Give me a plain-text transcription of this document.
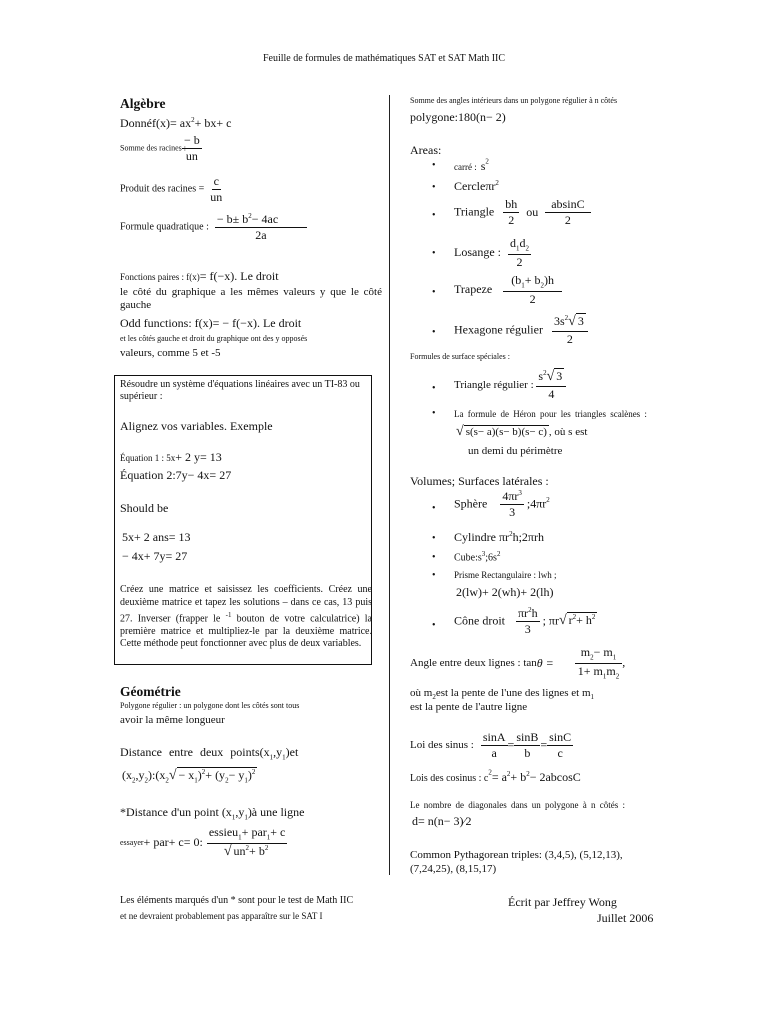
Feuille de formules de mathématiques SAT et SAT Math IIC
Algèbre
Donnéf(x)= $ax^2+ bx+ c$
Somme des racines :
$\frac{- b}{un}$
Produit des racines = $\frac{c}{un}$
Formule quadratique : $\frac{- b\pm b^2- 4ac}{2a}$
Fonctions paires : f(x)= f(−x). Le droit
le côté du graphique a les mêmes valeurs y que le côté gauche
Odd functions: f(x)= − f(−x). Le droit
et les côtés gauche et droit du graphique ont des y opposés
valeurs, comme 5 et -5
Résoudre un système d'équations linéaires avec un TI-83 ou supérieur :
Alignez vos variables. Exemple
Équation 1 : 5x+ 2 y= 13
Équation 2:7y− 4x= 27
Should be
5x+ 2 ans= 13
− 4x+ 7y= 27
Créez une matrice et saisissez les coefficients. Créez une deuxième matrice et tapez les solutions – dans ce cas, 13 puis 27. Inverser (frapper le $^{-1}$ bouton de votre calculatrice) la première matrice et multipliez-le par la deuxième matrice. Cette méthode peut fonctionner avec plus de deux variables.
Géométrie
Polygone régulier : un polygone dont les côtés sont tous
avoir la même longueur
Distance entre deux $points(x_1,y_1)et$
$(x_2,y_2):(x_2√ - x_1)^2+ (y_2- y_1)^2$
*Distance d'un point $(x_1,y_1)à$ une ligne
essayer+ par+ c= 0: $\frac{essieu_1+ par_1+ c}{√ un^2+ b^2}$
Les éléments marqués d'un * sont pour le test de Math IIC
et ne devraient probablement pas apparaître sur le SAT I
Somme des angles intérieurs dans un polygone régulier à n côtés
polygone:180(n− 2)
Areas:
• carré : $s^2$
• Cercleπr$^2$
• Triangle $\frac{bh}{2}$ ou $\frac{absinC}{2}$
• Losange : $\frac{d_1d_2}{2}$
• Trapeze $\frac{(b_1+ b_2)h}{2}$
• Hexagone régulier $\frac{3s^2√ 3}{2}$
Formules de surface spéciales :
• Triangle régulier : $\frac{s^2√ 3}{4}$
• La formule de Héron pour les triangles scalènes :
√ s(s− a)(s− b)(s− c) , où s est
un demi du périmètre
Volumes; Surfaces latérales :
• Sphère $\frac{4\pi r^3}{3}$ $;4\pi r^2$
• Cylindre $\pi r^2h;2\pi rh$
• $Cube:s^3;6s^2$
• Prisme Rectangulaire : lwh ;
2(lw)+ 2(wh)+ 2(lh)
• Cône droit $\frac{\pi r^2h}{3}$ ; πr√ $r^2+ h^2$
Angle entre deux lignes : $\tan\theta = \frac{m_2- m_1}{1+ m_1m_2}$ ,
où $m_2est$ la pente de l'une des lignes et $m_1$
est la pente de l'autre ligne
Loi des sinus : $\frac{\sin A}{a} = \frac{\sin B}{b} = \frac{\sin C}{c}$
Lois des cosinus : $c^2= a^2+ b^2- 2abcosC$
Le nombre de diagonales dans un polygone à n côtés :
d= n(n− 3)⁄2
Common Pythagorean triples: (3,4,5), (5,12,13), (7,24,25), (8,15,17)
Écrit par Jeffrey Wong
Juillet 2006
